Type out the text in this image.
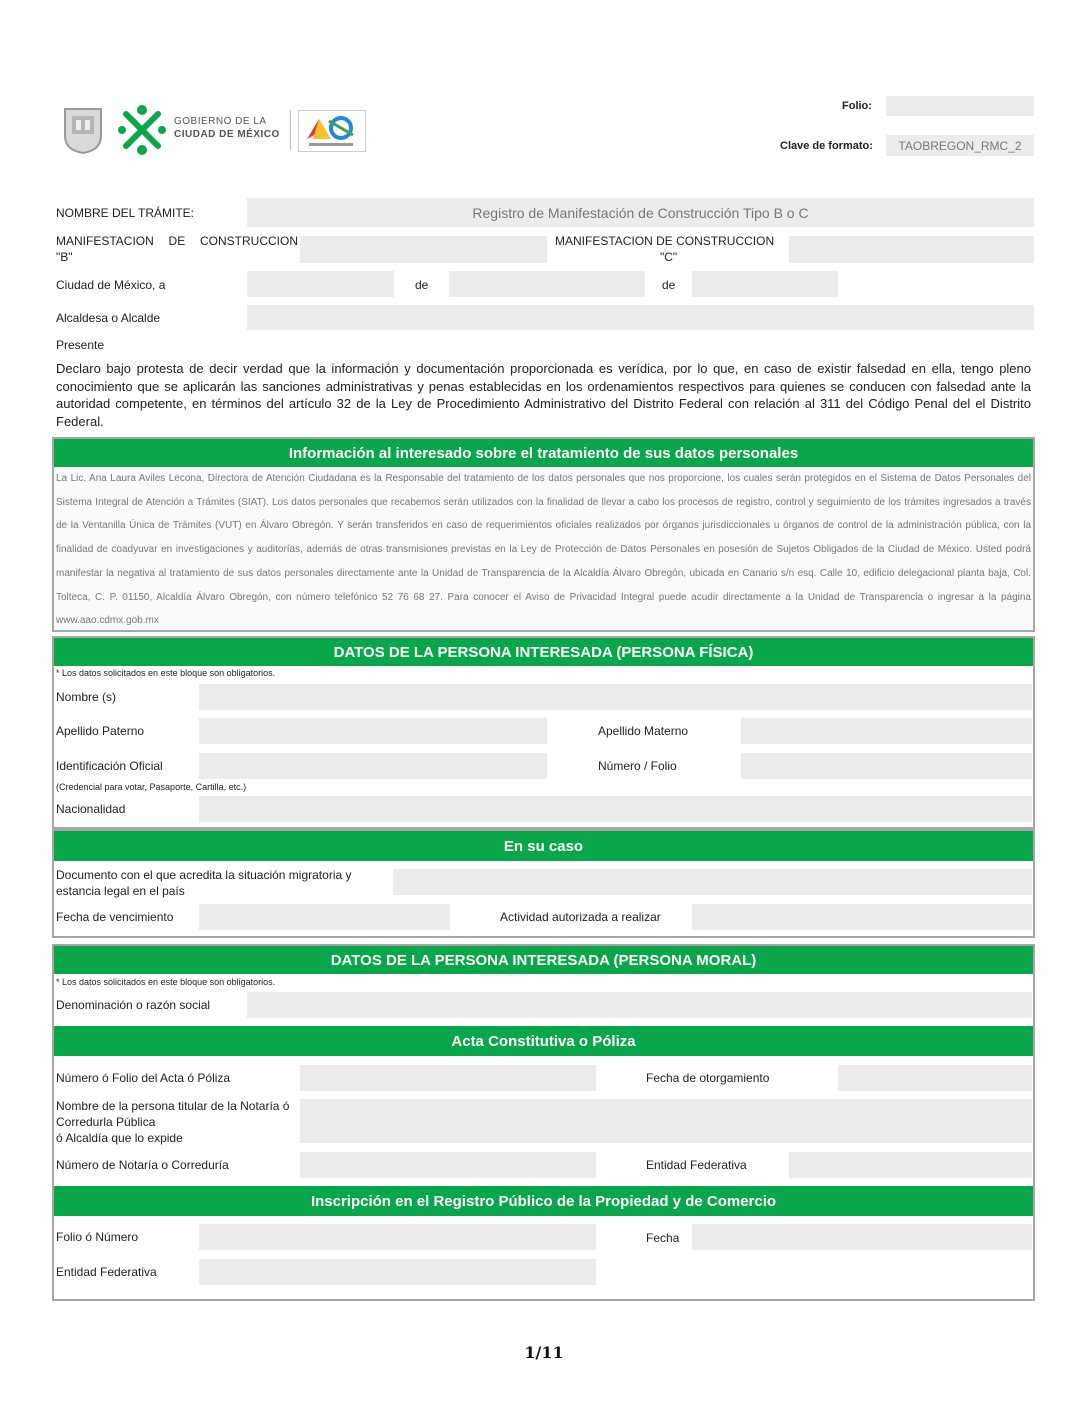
GOBIERNO DE LA
CIUDAD DE MÉXICO
Folio:
Clave de formato:	TAOBREGON_RMC_2
NOMBRE DEL TRÁMITE:	Registro de Manifestación de Construcción Tipo B o C
MANIFESTACION DE CONSTRUCCION
"B"
MANIFESTACION DE CONSTRUCCION
"C"
Ciudad de México, a	de	de
Alcaldesa o Alcalde
Presente
Declaro bajo protesta de decir verdad que la información y documentación proporcionada es verídica, por lo que, en caso de existir falsedad en ella, tengo pleno conocimiento que se aplicarán las sanciones administrativas y penas establecidas en los ordenamientos respectivos para quienes se conducen con falsedad ante la autoridad competente, en términos del artículo 32 de la Ley de Procedimiento Administrativo del Distrito Federal con relación al 311 del Código Penal del el Distrito Federal.
Información al interesado sobre el tratamiento de sus datos personales
La Lic. Ana Laura Aviles Lecona, Directora de Atención Ciudadana es la Responsable del tratamiento de los datos personales que nos proporcione, los cuales serán protegidos en el Sistema de Datos Personales del Sistema Integral de Atención a Trámites (SIAT). Los datos personales que recabemos serán utilizados con la finalidad de llevar a cabo los procesos de registro, control y seguimiento de los trámites ingresados a través de la Ventanilla Única de Trámites (VUT) en Álvaro Obregón. Y serán transferidos en caso de requerimientos oficiales realizados por órganos jurisdiccionales u órganos de control de la administración pública, con la finalidad de coadyuvar en investigaciones y auditorías, además de otras transmisiones previstas en la Ley de Protección de Datos Personales en posesión de Sujetos Obligados de la Ciudad de México. Usted podrá manifestar la negativa al tratamiento de sus datos personales directamente ante la Unidad de Transparencia de la Alcaldía Álvaro Obregón, ubicada en Canario s/n esq. Calle 10, edificio delegacional planta baja, Col. Tolteca, C. P. 01150, Alcaldía Álvaro Obregón, con número telefónico 52 76 68 27. Para conocer el Aviso de Privacidad Integral puede acudir directamente a la Unidad de Transparencia o ingresar a la página www.aao.cdmx.gob.mx
DATOS DE LA PERSONA INTERESADA (PERSONA FÍSICA)
* Los datos solicitados en este bloque son obligatorios.
Nombre (s)
Apellido Paterno	Apellido Materno
Identificación Oficial	Número / Folio
(Credencial para votar, Pasaporte, Cartilla, etc.)
Nacionalidad
En su caso
Documento con el que acredita la situación migratoria y
estancia legal en el país
Fecha de vencimiento	Actividad autorizada a realizar
DATOS DE LA PERSONA INTERESADA (PERSONA MORAL)
* Los datos solicitados en este bloque son obligatorios.
Denominación o razón social
Acta Constitutiva o Póliza
Número ó Folio del Acta ó Póliza	Fecha de otorgamiento
Nombre de la persona titular de la Notaría ó
Corredurla Pública
ó Alcaldía que lo expide
Número de Notaría o Correduría	Entidad Federativa
Inscripción en el Registro Público de la Propiedad y de Comercio
Folio ó Número	Fecha
Entidad Federativa
1/11
